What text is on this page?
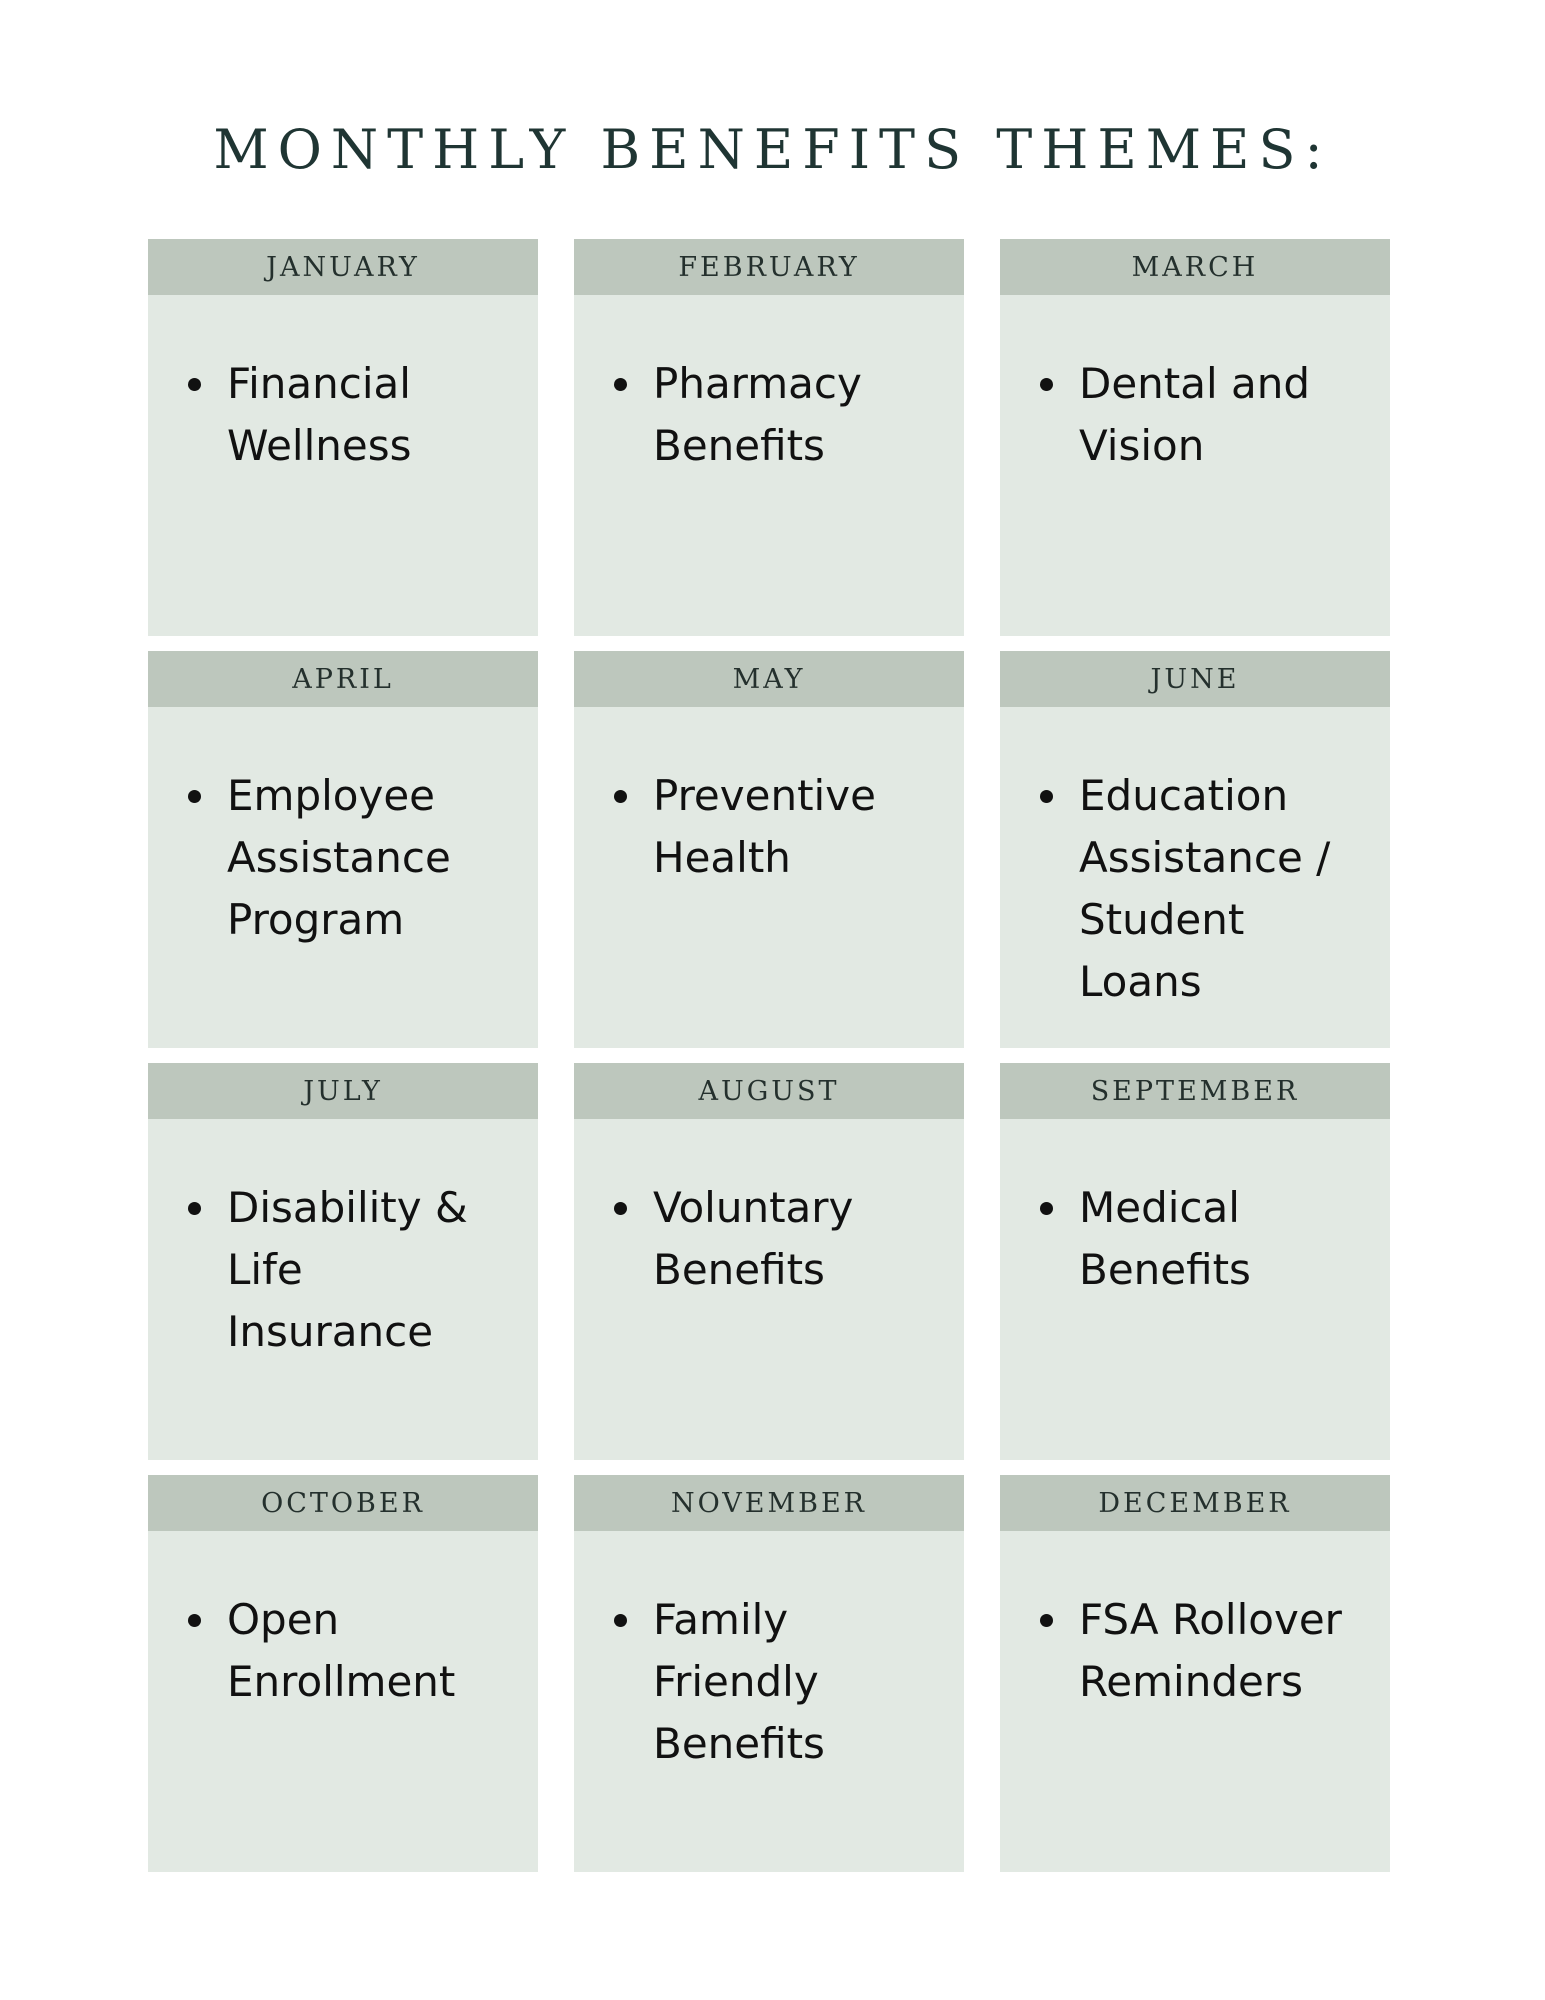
MONTHLY BENEFITS THEMES:
JANUARY
Financial Wellness
FEBRUARY
Pharmacy Benefits
MARCH
Dental and Vision
APRIL
Employee Assistance Program
MAY
Preventive Health
JUNE
Education Assistance / Student Loans
JULY
Disability & Life Insurance
AUGUST
Voluntary Benefits
SEPTEMBER
Medical Benefits
OCTOBER
Open Enrollment
NOVEMBER
Family Friendly Benefits
DECEMBER
FSA Rollover Reminders
